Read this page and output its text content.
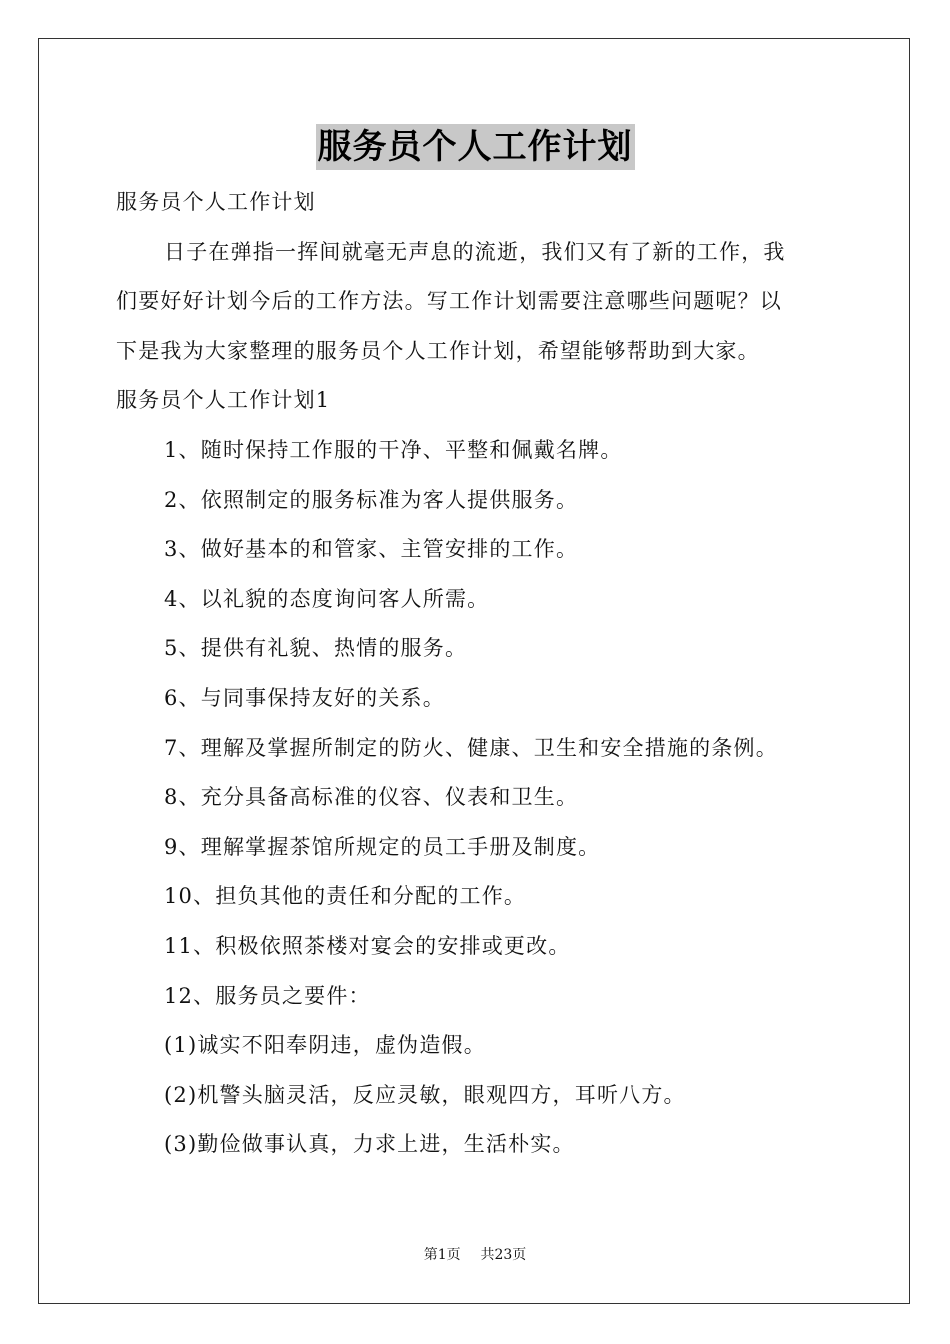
服务员个人工作计划
服务员个人工作计划
日子在弹指一挥间就毫无声息的流逝，我们又有了新的工作，我
们要好好计划今后的工作方法。写工作计划需要注意哪些问题呢？以
下是我为大家整理的服务员个人工作计划，希望能够帮助到大家。
服务员个人工作计划1
1、随时保持工作服的干净、平整和佩戴名牌。
2、依照制定的服务标准为客人提供服务。
3、做好基本的和管家、主管安排的工作。
4、以礼貌的态度询问客人所需。
5、提供有礼貌、热情的服务。
6、与同事保持友好的关系。
7、理解及掌握所制定的防火、健康、卫生和安全措施的条例。
8、充分具备高标准的仪容、仪表和卫生。
9、理解掌握茶馆所规定的员工手册及制度。
10、担负其他的责任和分配的工作。
11、积极依照茶楼对宴会的安排或更改。
12、服务员之要件：
(1)诚实不阳奉阴违，虚伪造假。
(2)机警头脑灵活，反应灵敏，眼观四方，耳听八方。
(3)勤俭做事认真，力求上进，生活朴实。
第1页 共23页
